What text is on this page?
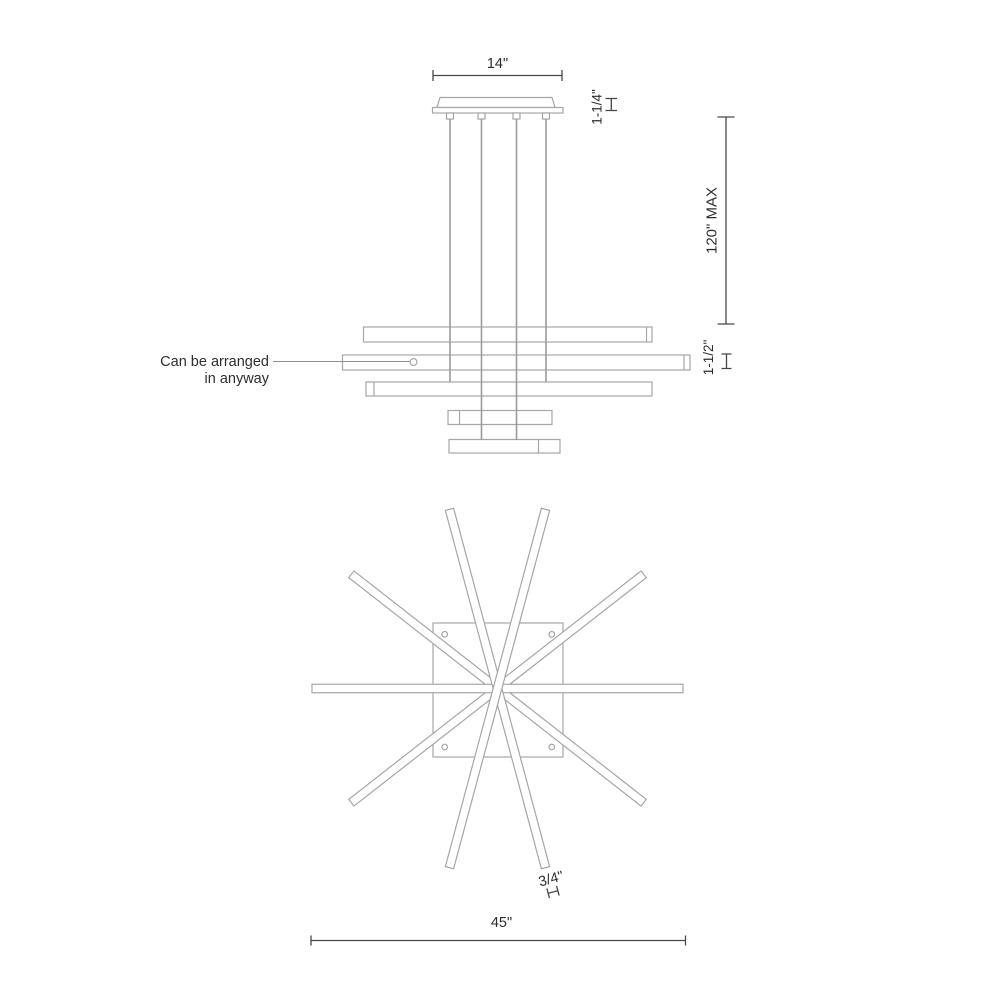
14"
1-1/4"
120" MAX
Can be arranged
in anyway
1-1/2"
3/4"
45"
